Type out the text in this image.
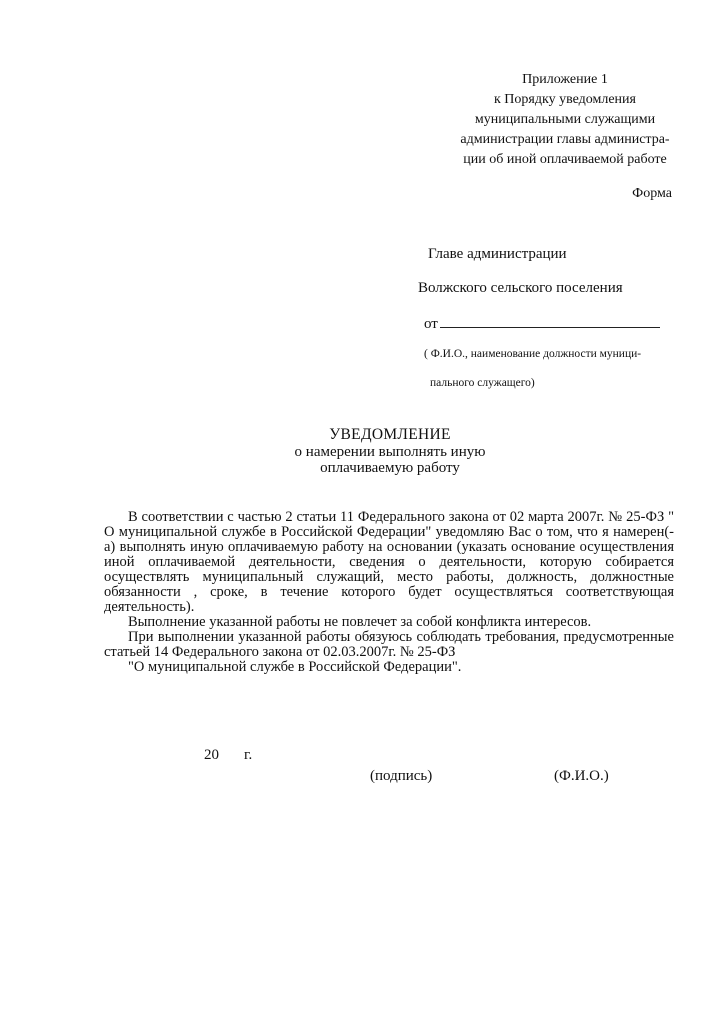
Приложение 1
к Порядку уведомления
муниципальными служащими
администрации главы администра-
ции об иной оплачиваемой работе
Форма
Главе администрации
Волжского сельского поселения
от
( Ф.И.О., наименование должности муници-
пального служащего)
УВЕДОМЛЕНИЕ
о намерении выполнять иную
оплачиваемую работу

В соответствии с частью 2 статьи 11 Федерального закона от 02 марта 2007г. № 25-ФЗ " О муниципальной службе в Российской Федерации" уведомляю Вас о том, что я намерен(-а) выполнять иную оплачиваемую работу на основании (указать основание осуществления иной оплачиваемой деятельности, сведения о деятельности, которую собирается осуществлять муниципальный служащий, место работы, должность, должностные обязанности , сроке, в течение которого будет осуществляться соответствующая деятельность).

Выполнение указанной работы не повлечет за собой конфликта интересов.

При выполнении указанной работы обязуюсь соблюдать требования, предусмотренные статьей 14 Федерального закона от 02.03.2007г. № 25-ФЗ

"О муниципальной службе в Российской Федерации".

20 г.
(подпись)	(Ф.И.О.)
